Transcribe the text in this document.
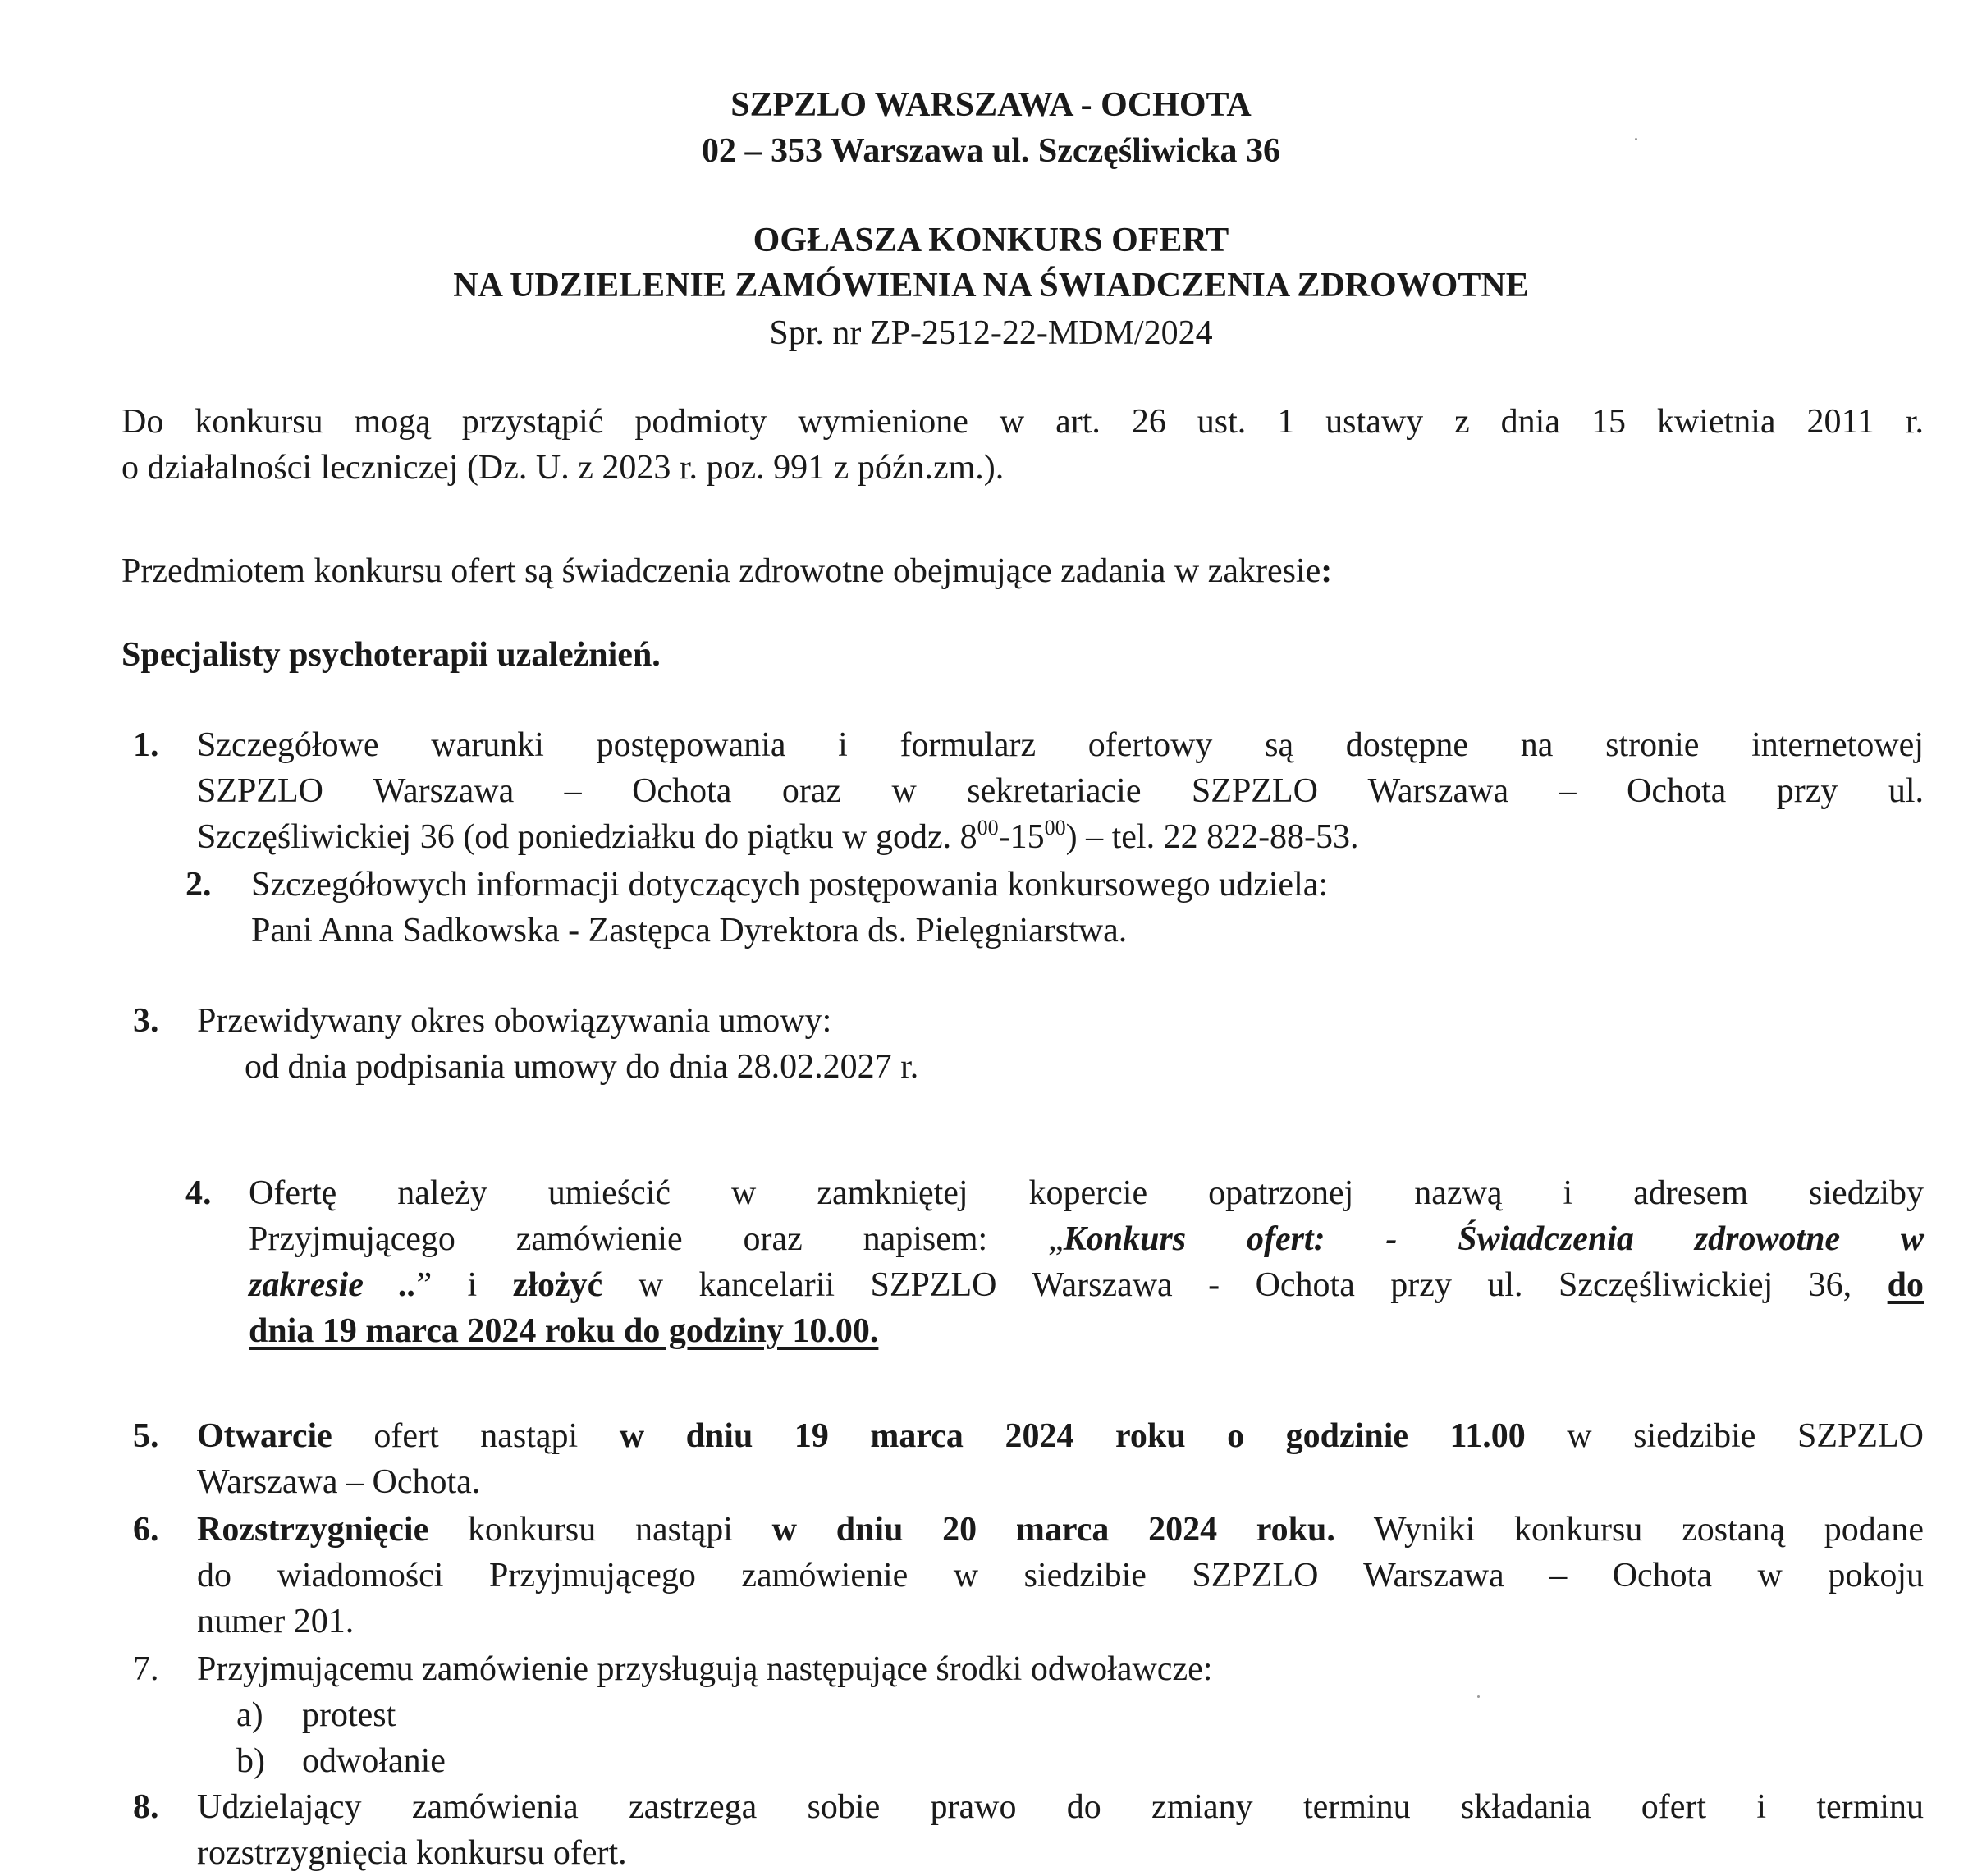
SZPZLO WARSZAWA - OCHOTA
02 – 353 Warszawa ul. Szczęśliwicka 36
OGŁASZA KONKURS OFERT
NA UDZIELENIE ZAMÓWIENIA NA ŚWIADCZENIA ZDROWOTNE
Spr. nr ZP-2512-22-MDM/2024
Do konkursu mogą przystąpić podmioty wymienione w art. 26 ust. 1 ustawy z dnia 15 kwietnia 2011 r.
o działalności leczniczej (Dz. U. z 2023 r. poz. 991 z późn.zm.).
Przedmiotem konkursu ofert są świadczenia zdrowotne obejmujące zadania w zakresie:
Specjalisty psychoterapii uzależnień.
1. Szczegółowe warunki postępowania i formularz ofertowy są dostępne na stronie internetowej
SZPZLO Warszawa – Ochota oraz w sekretariacie SZPZLO Warszawa – Ochota przy ul.
Szczęśliwickiej 36 (od poniedziałku do piątku w godz. $8^{00}-15^{00}$) – tel. 22 822-88-53.
2. Szczegółowych informacji dotyczących postępowania konkursowego udziela:
Pani Anna Sadkowska - Zastępca Dyrektora ds. Pielęgniarstwa.
3. Przewidywany okres obowiązywania umowy:
od dnia podpisania umowy do dnia 28.02.2027 r.
4. Ofertę należy umieścić w zamkniętej kopercie opatrzonej nazwą i adresem siedziby
Przyjmującego zamówienie oraz napisem: „Konkurs ofert: - Świadczenia zdrowotne w
zakresie ..” i złożyć w kancelarii SZPZLO Warszawa - Ochota przy ul. Szczęśliwickiej 36, do
dnia 19 marca 2024 roku do godziny 10.00.
5. Otwarcie ofert nastąpi w dniu 19 marca 2024 roku o godzinie 11.00 w siedzibie SZPZLO
Warszawa – Ochota.
6. Rozstrzygnięcie konkursu nastąpi w dniu 20 marca 2024 roku. Wyniki konkursu zostaną podane
do wiadomości Przyjmującego zamówienie w siedzibie SZPZLO Warszawa – Ochota w pokoju
numer 201.
7. Przyjmującemu zamówienie przysługują następujące środki odwoławcze:
a) protest
b) odwołanie
8. Udzielający zamówienia zastrzega sobie prawo do zmiany terminu składania ofert i terminu
rozstrzygnięcia konkursu ofert.
